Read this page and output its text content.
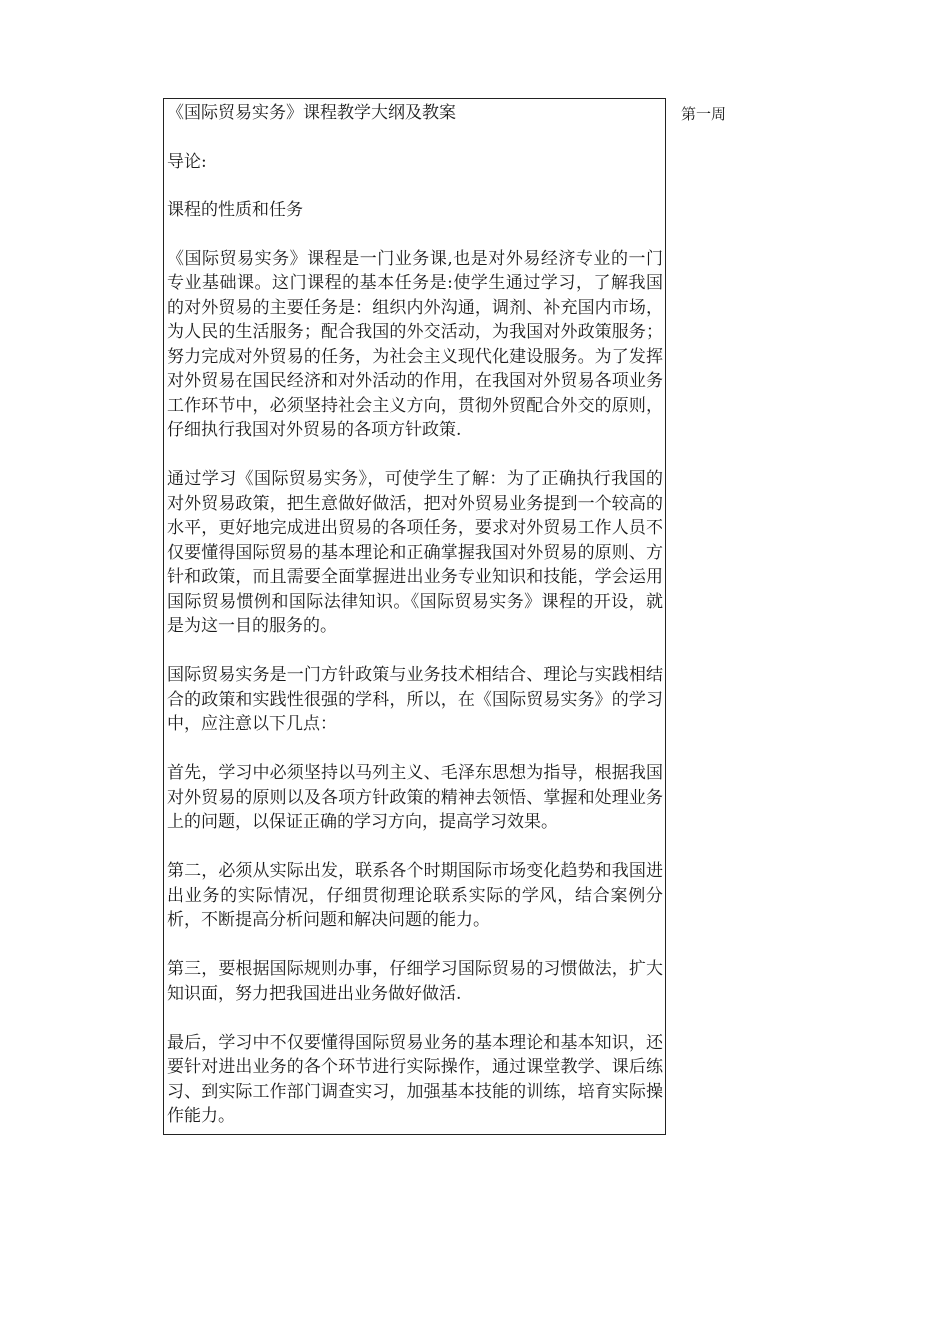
《国际贸易实务》课程教学大纲及教案

导论:

课程的性质和任务

《国际贸易实务》课程是一门业务课,也是对外易经济专业的一门专业基础课。这门课程的基本任务是:使学生通过学习，了解我国的对外贸易的主要任务是：组织内外沟通，调剂、补充国内市场，为人民的生活服务；配合我国的外交活动，为我国对外政策服务；努力完成对外贸易的任务，为社会主义现代化建设服务。为了发挥对外贸易在国民经济和对外活动的作用，在我国对外贸易各项业务工作环节中，必须坚持社会主义方向，贯彻外贸配合外交的原则，仔细执行我国对外贸易的各项方针政策.

通过学习《国际贸易实务》，可使学生了解：为了正确执行我国的对外贸易政策，把生意做好做活，把对外贸易业务提到一个较高的水平，更好地完成进出贸易的各项任务，要求对外贸易工作人员不仅要懂得国际贸易的基本理论和正确掌握我国对外贸易的原则、方针和政策，而且需要全面掌握进出业务专业知识和技能，学会运用国际贸易惯例和国际法律知识。《国际贸易实务》课程的开设，就是为这一目的服务的。

国际贸易实务是一门方针政策与业务技术相结合、理论与实践相结合的政策和实践性很强的学科，所以，在《国际贸易实务》的学习中，应注意以下几点：

首先，学习中必须坚持以马列主义、毛泽东思想为指导，根据我国对外贸易的原则以及各项方针政策的精神去领悟、掌握和处理业务上的问题，以保证正确的学习方向，提高学习效果。

第二，必须从实际出发，联系各个时期国际市场变化趋势和我国进出业务的实际情况，仔细贯彻理论联系实际的学风，结合案例分析，不断提高分析问题和解决问题的能力。

第三，要根据国际规则办事，仔细学习国际贸易的习惯做法，扩大知识面，努力把我国进出业务做好做活.

最后，学习中不仅要懂得国际贸易业务的基本理论和基本知识，还要针对进出业务的各个环节进行实际操作，通过课堂教学、课后练习、到实际工作部门调查实习，加强基本技能的训练，培育实际操作能力。

第一周
